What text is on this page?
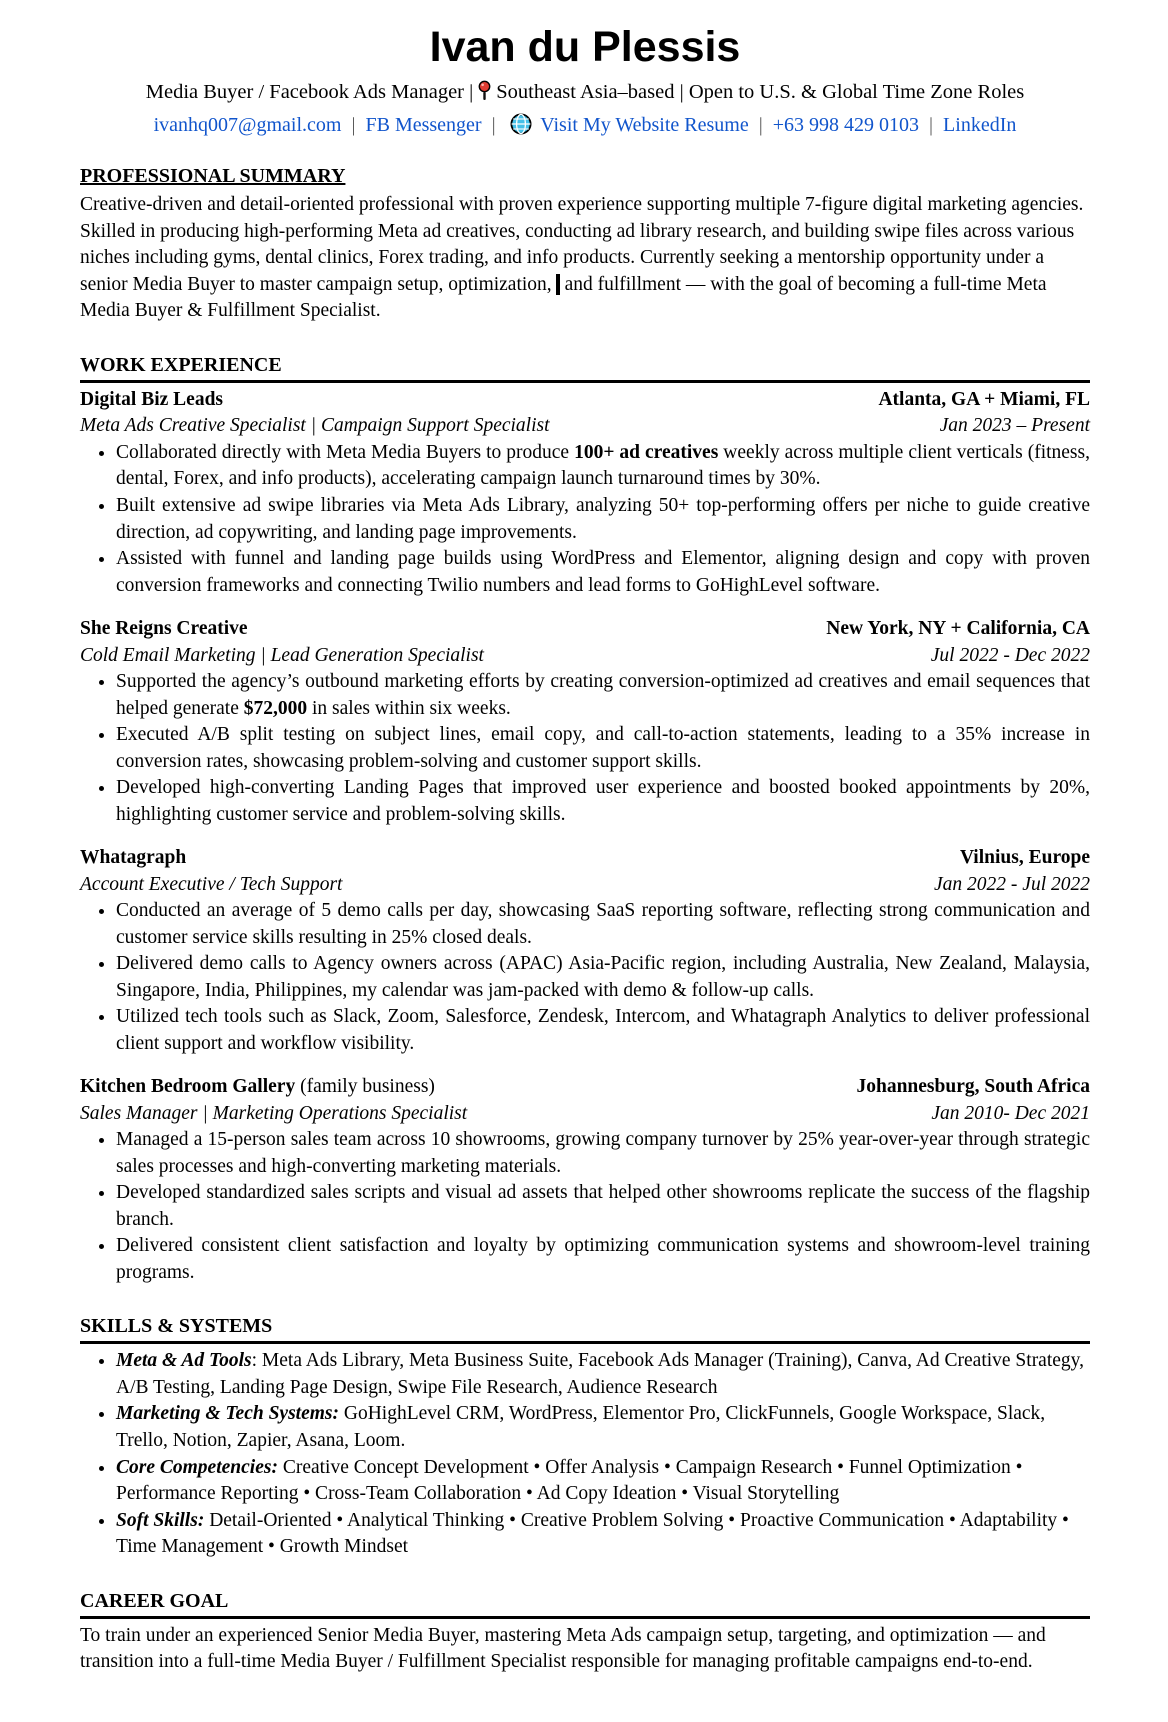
Ivan du Plessis
Media Buyer / Facebook Ads Manager | Southeast Asia–based | Open to U.S. & Global Time Zone Roles
ivanhq007@gmail.com | FB Messenger | Visit My Website Resume | +63 998 429 0103 | LinkedIn
PROFESSIONAL SUMMARY

Creative-driven and detail-oriented professional with proven experience supporting multiple 7-figure digital marketing agencies. Skilled in producing high-performing Meta ad creatives, conducting ad library research, and building swipe files across various niches including gyms, dental clinics, Forex trading, and info products. Currently seeking a mentorship opportunity under a senior Media Buyer to master campaign setup, optimization, and fulfillment — with the goal of becoming a full-time Meta Media Buyer & Fulfillment Specialist.

WORK EXPERIENCE
Digital Biz Leads	Atlanta, GA + Miami, FL
Meta Ads Creative Specialist | Campaign Support Specialist	Jan 2023 – Present
• Collaborated directly with Meta Media Buyers to produce 100+ ad creatives weekly across multiple client verticals (fitness, dental, Forex, and info products), accelerating campaign launch turnaround times by 30%.
• Built extensive ad swipe libraries via Meta Ads Library, analyzing 50+ top-performing offers per niche to guide creative direction, ad copywriting, and landing page improvements.
• Assisted with funnel and landing page builds using WordPress and Elementor, aligning design and copy with proven conversion frameworks and connecting Twilio numbers and lead forms to GoHighLevel software.
She Reigns Creative	New York, NY + California, CA
Cold Email Marketing | Lead Generation Specialist	Jul 2022 - Dec 2022
• Supported the agency’s outbound marketing efforts by creating conversion-optimized ad creatives and email sequences that helped generate $72,000 in sales within six weeks.
• Executed A/B split testing on subject lines, email copy, and call-to-action statements, leading to a 35% increase in conversion rates, showcasing problem-solving and customer support skills.
• Developed high-converting Landing Pages that improved user experience and boosted booked appointments by 20%, highlighting customer service and problem-solving skills.
Whatagraph	Vilnius, Europe
Account Executive / Tech Support	Jan 2022 - Jul 2022
• Conducted an average of 5 demo calls per day, showcasing SaaS reporting software, reflecting strong communication and customer service skills resulting in 25% closed deals.
• Delivered demo calls to Agency owners across (APAC) Asia-Pacific region, including Australia, New Zealand, Malaysia, Singapore, India, Philippines, my calendar was jam-packed with demo & follow-up calls.
• Utilized tech tools such as Slack, Zoom, Salesforce, Zendesk, Intercom, and Whatagraph Analytics to deliver professional client support and workflow visibility.
Kitchen Bedroom Gallery (family business)	Johannesburg, South Africa
Sales Manager | Marketing Operations Specialist	Jan 2010- Dec 2021
• Managed a 15-person sales team across 10 showrooms, growing company turnover by 25% year-over-year through strategic sales processes and high-converting marketing materials.
• Developed standardized sales scripts and visual ad assets that helped other showrooms replicate the success of the flagship branch.
• Delivered consistent client satisfaction and loyalty by optimizing communication systems and showroom-level training programs.
SKILLS & SYSTEMS
• Meta & Ad Tools: Meta Ads Library, Meta Business Suite, Facebook Ads Manager (Training), Canva, Ad Creative Strategy, A/B Testing, Landing Page Design, Swipe File Research, Audience Research
• Marketing & Tech Systems: GoHighLevel CRM, WordPress, Elementor Pro, ClickFunnels, Google Workspace, Slack, Trello, Notion, Zapier, Asana, Loom.
• Core Competencies: Creative Concept Development • Offer Analysis • Campaign Research • Funnel Optimization • Performance Reporting • Cross-Team Collaboration • Ad Copy Ideation • Visual Storytelling
• Soft Skills: Detail-Oriented • Analytical Thinking • Creative Problem Solving • Proactive Communication • Adaptability • Time Management • Growth Mindset
CAREER GOAL

To train under an experienced Senior Media Buyer, mastering Meta Ads campaign setup, targeting, and optimization — and transition into a full-time Media Buyer / Fulfillment Specialist responsible for managing profitable campaigns end-to-end.
